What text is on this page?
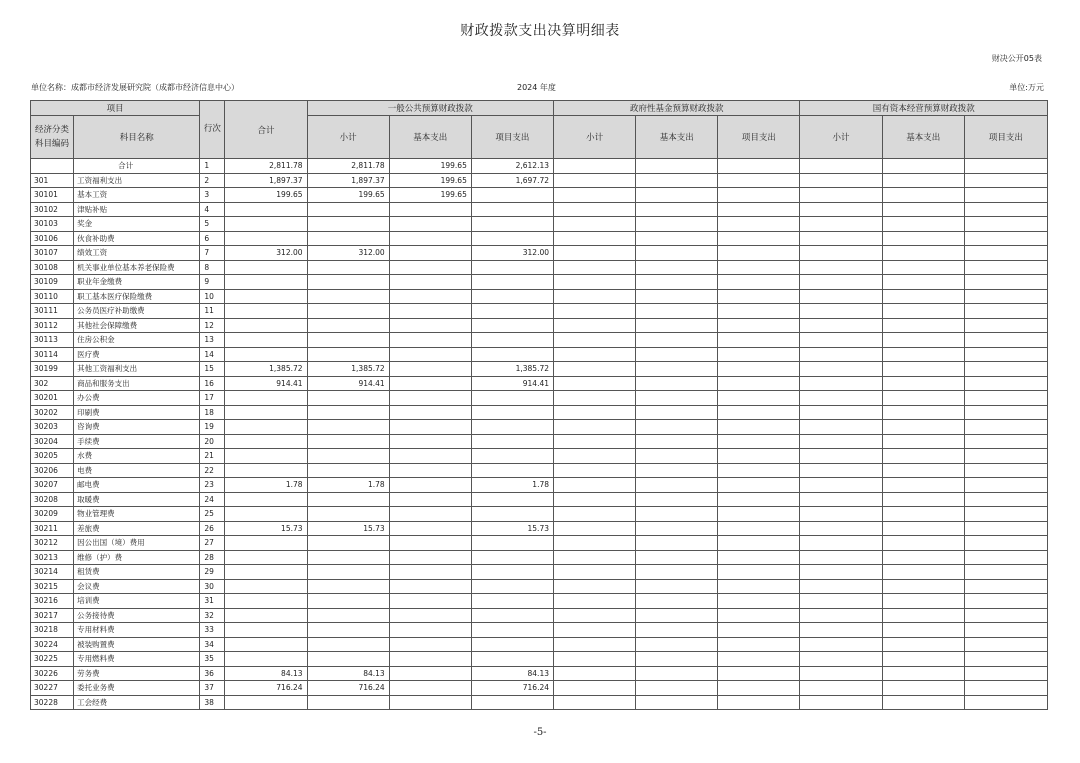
财政拨款支出决算明细表
财决公开05表
单位名称：成都市经济发展研究院（成都市经济信息中心）	2024 年度	单位:万元
项目		行次	合计	一般公共预算财政拨款			政府性基金预算财政拨款			国有资本经营预算财政拨款		
经济分类科目编码	科目名称			小计	基本支出	项目支出	小计	基本支出	项目支出	小计	基本支出	项目支出
	合计	1	2,811.78	2,811.78	199.65	2,612.13						
301	工资福利支出	2	1,897.37	1,897.37	199.65	1,697.72						
30101	基本工资	3	199.65	199.65	199.65							
30102	津贴补贴	4										
30103	奖金	5										
30106	伙食补助费	6										
30107	绩效工资	7	312.00	312.00		312.00						
30108	机关事业单位基本养老保险费	8										
30109	职业年金缴费	9										
30110	职工基本医疗保险缴费	10										
30111	公务员医疗补助缴费	11										
30112	其他社会保障缴费	12										
30113	住房公积金	13										
30114	医疗费	14										
30199	其他工资福利支出	15	1,385.72	1,385.72		1,385.72						
302	商品和服务支出	16	914.41	914.41		914.41						
30201	办公费	17										
30202	印刷费	18										
30203	咨询费	19										
30204	手续费	20										
30205	水费	21										
30206	电费	22										
30207	邮电费	23	1.78	1.78		1.78						
30208	取暖费	24										
30209	物业管理费	25										
30211	差旅费	26	15.73	15.73		15.73						
30212	因公出国（境）费用	27										
30213	维修（护）费	28										
30214	租赁费	29										
30215	会议费	30										
30216	培训费	31										
30217	公务接待费	32										
30218	专用材料费	33										
30224	被装购置费	34										
30225	专用燃料费	35										
30226	劳务费	36	84.13	84.13		84.13						
30227	委托业务费	37	716.24	716.24		716.24						
30228	工会经费	38										
-5-
